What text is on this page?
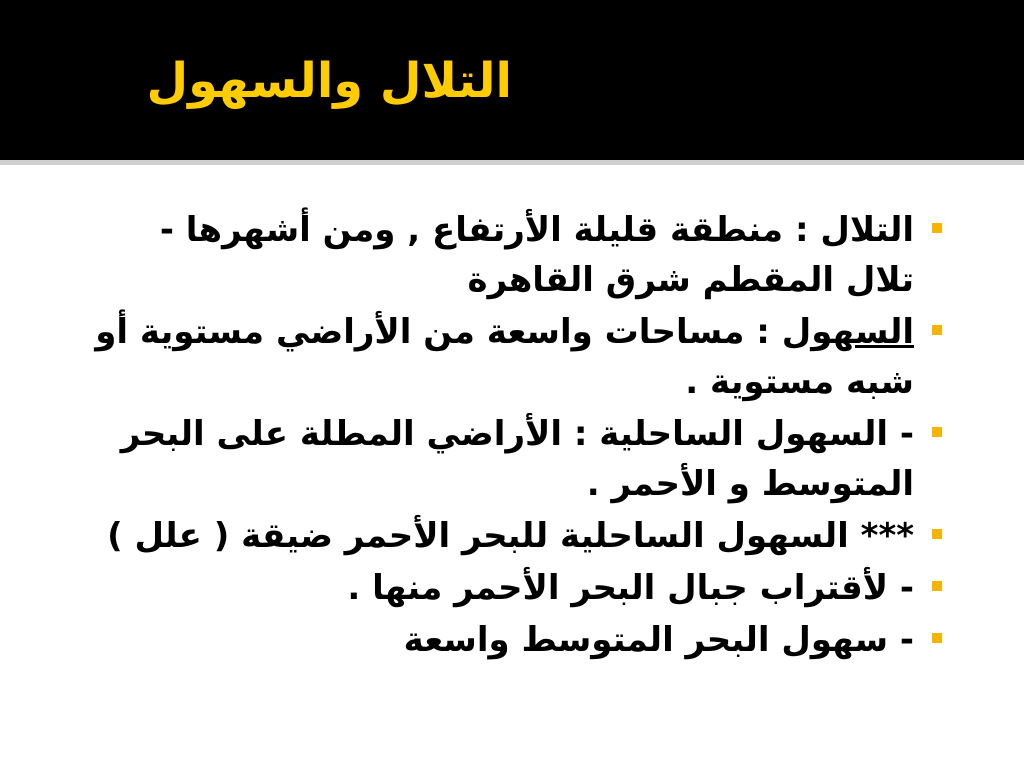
التلال والسهول
التلال : منطقة قليلة الأرتفاع , ومن أشهرها - تلال المقطم شرق القاهرة
السهول : مساحات واسعة من الأراضي مستوية أو شبه مستوية .
- السهول الساحلية : الأراضي المطلة على البحر المتوسط و الأحمر .
*** السهول الساحلية للبحر الأحمر ضيقة ( علل )
- لأقتراب جبال البحر الأحمر منها .
- سهول البحر المتوسط واسعة
